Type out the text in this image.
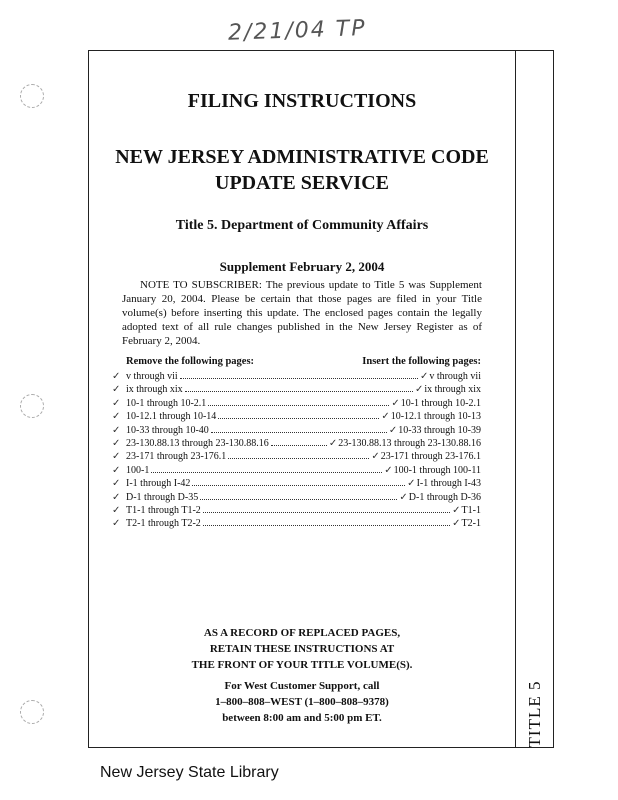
2/21/04 TP
TITLE 5
FILING INSTRUCTIONS
NEW JERSEY ADMINISTRATIVE CODE
UPDATE SERVICE
Title 5. Department of Community Affairs
Supplement February 2, 2004

NOTE TO SUBSCRIBER: The previous update to Title 5 was Supplement January 20, 2004. Please be certain that those pages are filed in your Title volume(s) before inserting this update. The enclosed pages contain the legally adopted text of all rule changes published in the New Jersey Register as of February 2, 2004.

Remove the following pages:	Insert the following pages:
✓ v through vii	✓ v through vii
✓ ix through xix	✓ ix through xix
✓ 10-1 through 10-2.1	✓ 10-1 through 10-2.1
✓ 10-12.1 through 10-14	✓ 10-12.1 through 10-13
✓ 10-33 through 10-40	✓ 10-33 through 10-39
✓ 23-130.88.13 through 23-130.88.16	✓ 23-130.88.13 through 23-130.88.16
✓ 23-171 through 23-176.1	✓ 23-171 through 23-176.1
✓ 100-1	✓ 100-1 through 100-11
✓ I-1 through I-42	✓ I-1 through I-43
✓ D-1 through D-35	✓ D-1 through D-36
✓ T1-1 through T1-2	✓ T1-1
✓ T2-1 through T2-2	✓ T2-1
AS A RECORD OF REPLACED PAGES,
RETAIN THESE INSTRUCTIONS AT
THE FRONT OF YOUR TITLE VOLUME(S).
For West Customer Support, call
1–800–808–WEST (1–800–808–9378)
between 8:00 am and 5:00 pm ET.
New Jersey State Library
